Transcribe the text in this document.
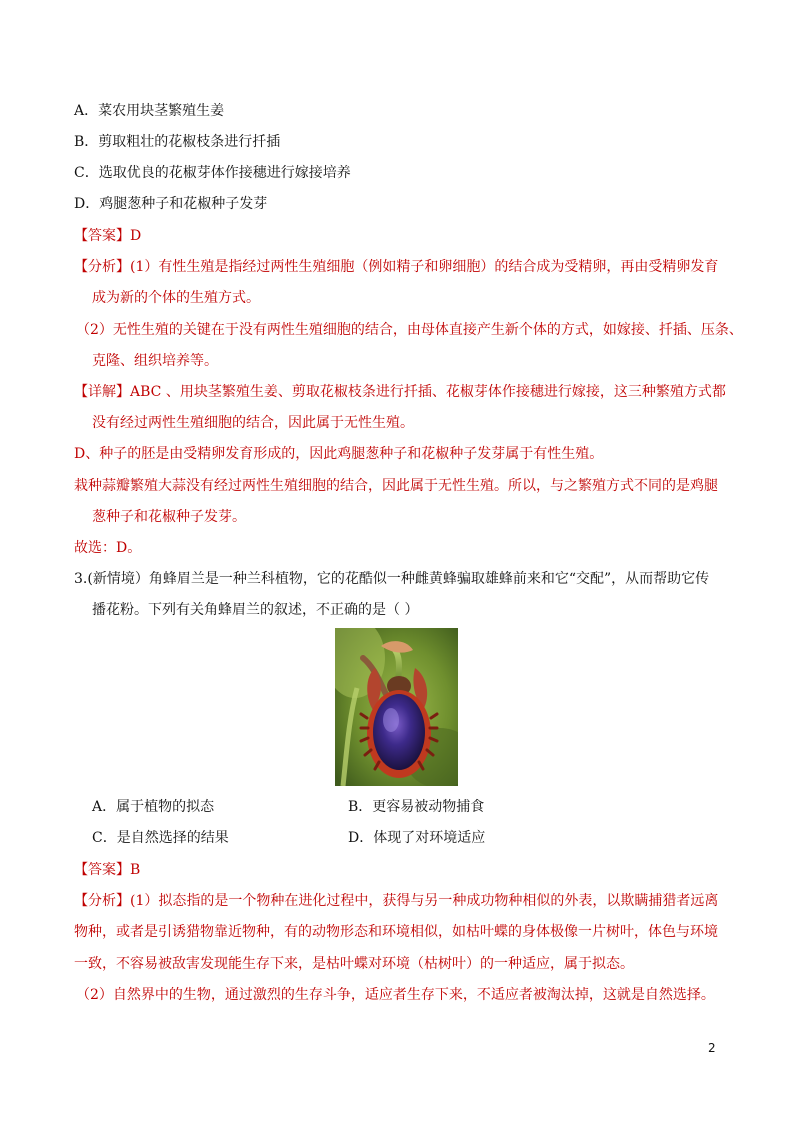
A．菜农用块茎繁殖生姜
B．剪取粗壮的花椒枝条进行扦插
C．选取优良的花椒芽体作接穗进行嫁接培养
D．鸡腿葱种子和花椒种子发芽
【答案】D
【分析】(1）有性生殖是指经过两性生殖细胞（例如精子和卵细胞）的结合成为受精卵，再由受精卵发育
成为新的个体的生殖方式。
（2）无性生殖的关键在于没有两性生殖细胞的结合，由母体直接产生新个体的方式，如嫁接、扦插、压条、
克隆、组织培养等。
【详解】ABC 、用块茎繁殖生姜、剪取花椒枝条进行扦插、花椒芽体作接穗进行嫁接，这三种繁殖方式都
没有经过两性生殖细胞的结合，因此属于无性生殖。
D、种子的胚是由受精卵发育形成的，因此鸡腿葱种子和花椒种子发芽属于有性生殖。
栽种蒜瓣繁殖大蒜没有经过两性生殖细胞的结合，因此属于无性生殖。所以，与之繁殖方式不同的是鸡腿
葱种子和花椒种子发芽。
故选：D。
3.(新情境）角蜂眉兰是一种兰科植物，它的花酷似一种雌黄蜂骗取雄蜂前来和它“交配”，从而帮助它传
播花粉。下列有关角蜂眉兰的叙述，不正确的是（ ）
A．属于植物的拟态	B．更容易被动物捕食
C．是自然选择的结果	D．体现了对环境适应
【答案】B
【分析】(1）拟态指的是一个物种在进化过程中，获得与另一种成功物种相似的外表，以欺瞒捕猎者远离
物种，或者是引诱猎物靠近物种，有的动物形态和环境相似，如枯叶蝶的身体极像一片树叶，体色与环境
一致，不容易被敌害发现能生存下来，是枯叶蝶对环境（枯树叶）的一种适应，属于拟态。
（2）自然界中的生物，通过激烈的生存斗争，适应者生存下来，不适应者被淘汰掉，这就是自然选择。
2
